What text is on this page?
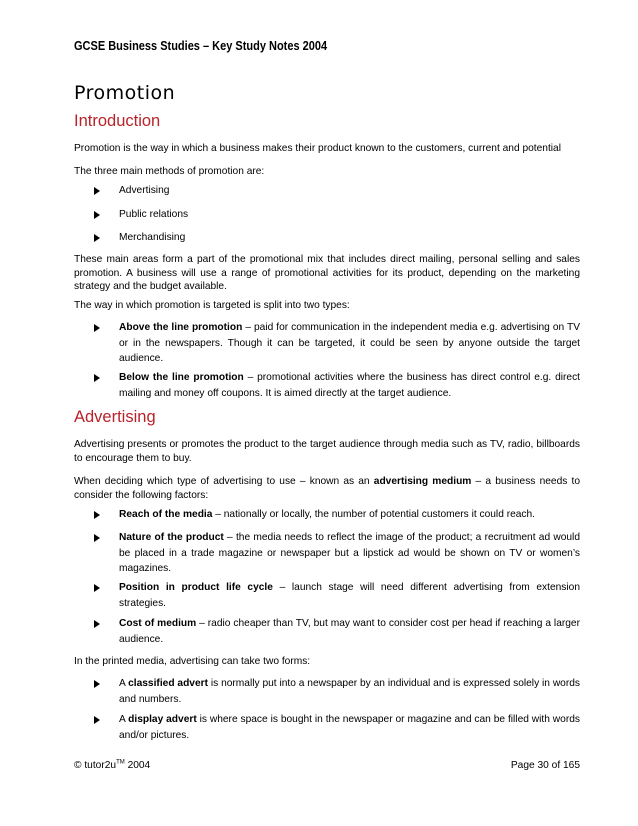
GCSE Business Studies – Key Study Notes 2004
Promotion
Introduction
Promotion is the way in which a business makes their product known to the customers, current and potential
The three main methods of promotion are:
Advertising
Public relations
Merchandising
These main areas form a part of the promotional mix that includes direct mailing, personal selling and sales promotion. A business will use a range of promotional activities for its product, depending on the marketing strategy and the budget available.
The way in which promotion is targeted is split into two types:
Above the line promotion – paid for communication in the independent media e.g. advertising on TV or in the newspapers. Though it can be targeted, it could be seen by anyone outside the target audience.
Below the line promotion – promotional activities where the business has direct control e.g. direct mailing and money off coupons. It is aimed directly at the target audience.
Advertising
Advertising presents or promotes the product to the target audience through media such as TV, radio, billboards to encourage them to buy.
When deciding which type of advertising to use – known as an advertising medium – a business needs to consider the following factors:
Reach of the media – nationally or locally, the number of potential customers it could reach.
Nature of the product – the media needs to reflect the image of the product; a recruitment ad would be placed in a trade magazine or newspaper but a lipstick ad would be shown on TV or women’s magazines.
Position in product life cycle – launch stage will need different advertising from extension strategies.
Cost of medium – radio cheaper than TV, but may want to consider cost per head if reaching a larger audience.
In the printed media, advertising can take two forms:
A classified advert is normally put into a newspaper by an individual and is expressed solely in words and numbers.
A display advert is where space is bought in the newspaper or magazine and can be filled with words and/or pictures.
© tutor2u™ 2004	Page 30 of 165
